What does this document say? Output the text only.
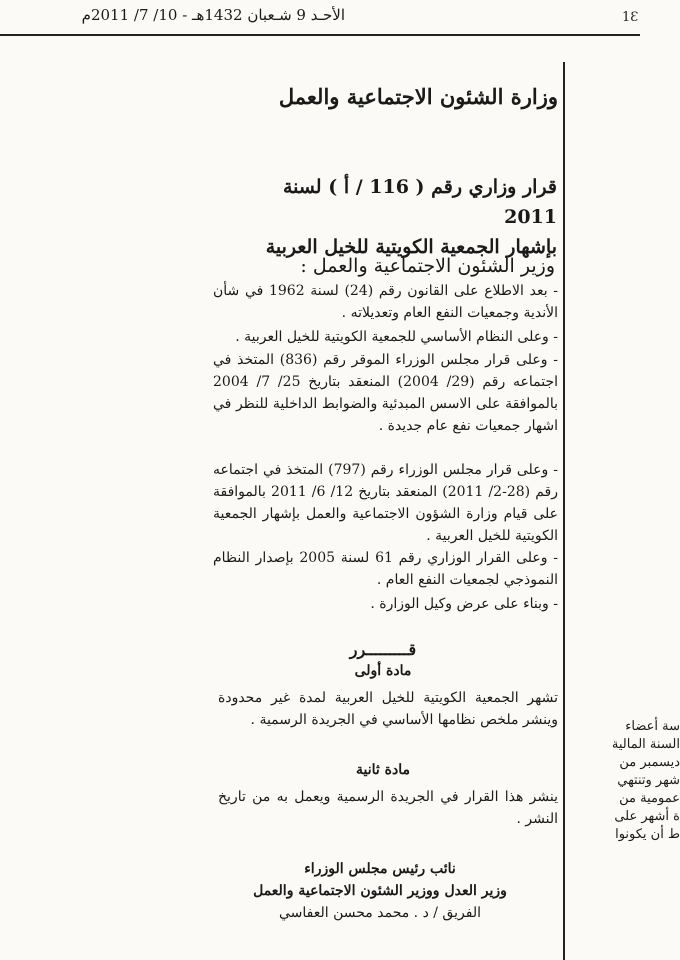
الأحـد 9 شـعبان 1432هـ - 10/ 7/ 2011م	1Ɛ
وزارة الشئون الاجتماعية والعمل
قرار وزاري رقم ( 116 / أ ) لسنة 2011
بإشهار الجمعية الكويتية للخيل العربية
وزير الشئون الاجتماعية والعمل :
- بعد الاطلاع على القانون رقم (24) لسنة 1962 في شأن الأندية وجمعيات النفع العام وتعديلاته .
- وعلى النظام الأساسي للجمعية الكويتية للخيل العربية .
- وعلى قرار مجلس الوزراء الموقر رقم (836) المتخذ في اجتماعه رقم (29/ 2004) المنعقد بتاريخ 25/ 7/ 2004 بالموافقة على الاسس المبدئية والضوابط الداخلية للنظر في اشهار جمعيات نفع عام جديدة .
- وعلى قرار مجلس الوزراء رقم (797) المتخذ في اجتماعه رقم (28-2/ 2011) المنعقد بتاريخ 12/ 6/ 2011 بالموافقة على قيام وزارة الشؤون الاجتماعية والعمل بإشهار الجمعية الكويتية للخيل العربية .
- وعلى القرار الوزاري رقم 61 لسنة 2005 بإصدار النظام النموذجي لجمعيات النفع العام .
- وبناء على عرض وكيل الوزارة .
قـــــــــرر
مادة أولى
تشهر الجمعية الكويتية للخيل العربية لمدة غير محدودة وينشر ملخص نظامها الأساسي في الجريدة الرسمية .
مادة ثانية
ينشر هذا القرار في الجريدة الرسمية ويعمل به من تاريخ النشر .
نائب رئيس مجلس الوزراء
وزير العدل ووزير الشئون الاجتماعية والعمل
الفريق / د . محمد محسن العفاسي
سة أعضاء
السنة المالية
ديسمبر من
شهر وتنتهي
عمومية من
ة أشهر على
ط أن يكونوا
